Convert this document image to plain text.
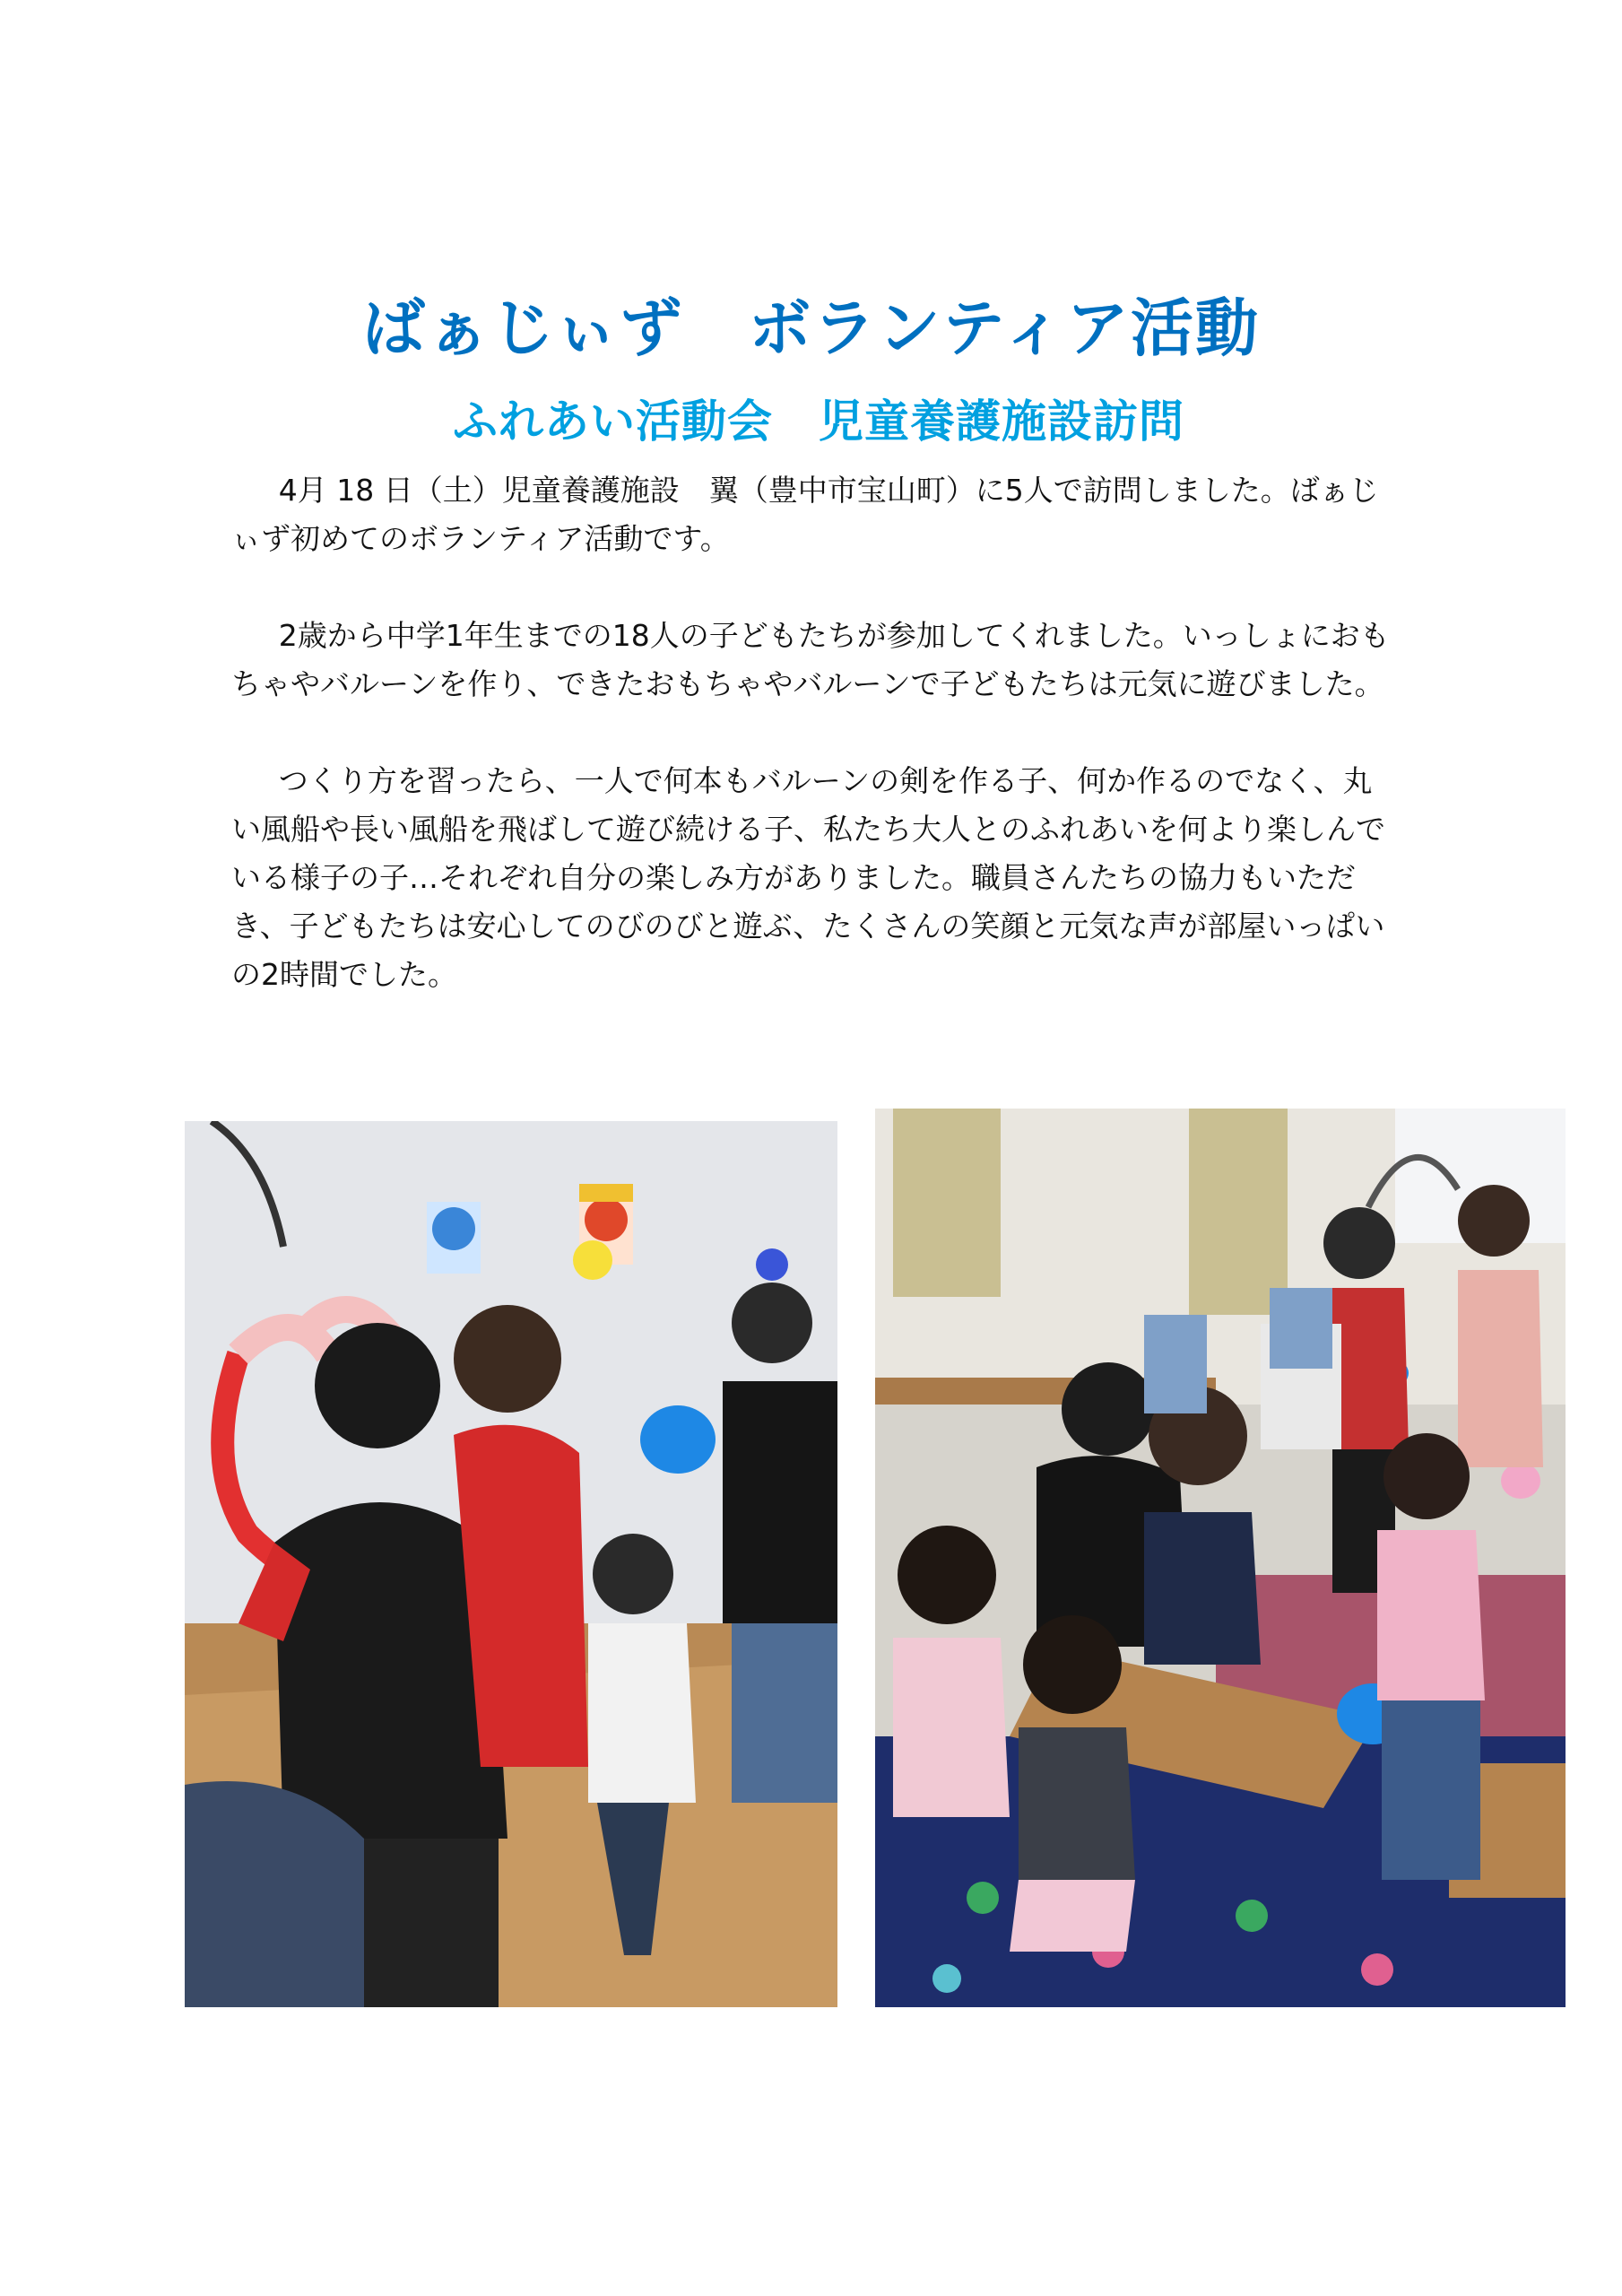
ばぁじぃず　ボランティア活動
ふれあい活動会　児童養護施設訪問

4月 18 日（土）児童養護施設　翼（豊中市宝山町）に5人で訪問しました。ばぁじぃず初めてのボランティア活動です。

2歳から中学1年生までの18人の子どもたちが参加してくれました。いっしょにおもちゃやバルーンを作り、できたおもちゃやバルーンで子どもたちは元気に遊びました。

つくり方を習ったら、一人で何本もバルーンの剣を作る子、何か作るのでなく、丸い風船や長い風船を飛ばして遊び続ける子、私たち大人とのふれあいを何より楽しんでいる様子の子…それぞれ自分の楽しみ方がありました。職員さんたちの協力もいただき、子どもたちは安心してのびのびと遊ぶ、たくさんの笑顔と元気な声が部屋いっぱいの2時間でした。
